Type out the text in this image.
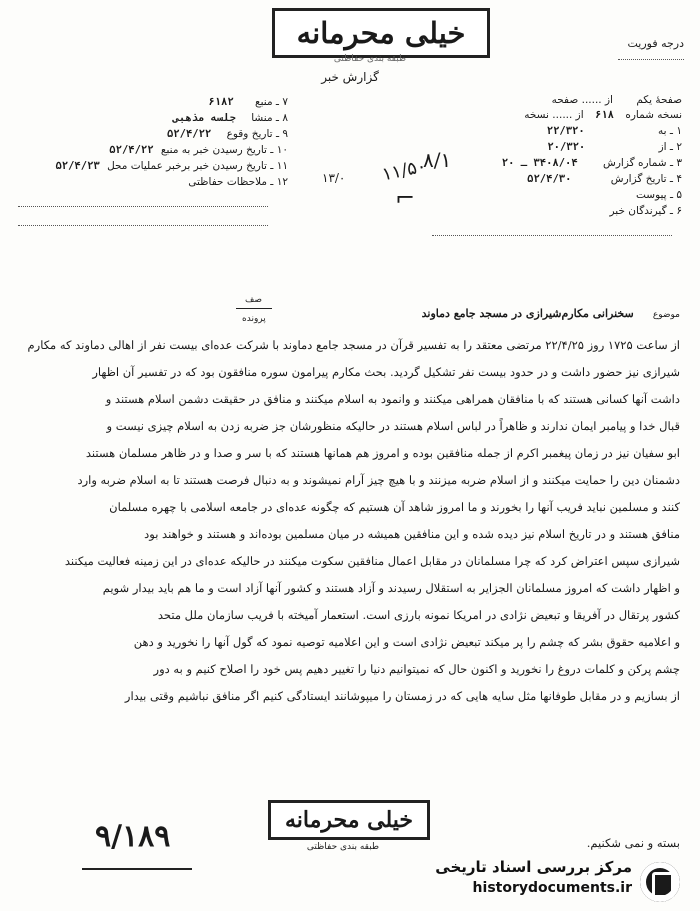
خیلی محرمانه
طبقه بندی حفاظتی
درجه فوریت
گزارش خبر
۷ ـ منبع ۶۱۸۲
۸ ـ منشا جلسه مذهبی
۹ ـ تاریخ وقوع ۵۲/۴/۲۲
۱۰ ـ تاریخ رسیدن خبر به منبع ۵۲/۴/۲۲
۱۱ ـ تاریخ رسیدن خبر برخبر عملیات محل ۵۲/۴/۲۳
۱۲ ـ ملاحظات حفاظتی

صفحهٔ یکم از ...... صفحه
نسخه شماره ۶۱۸ از ...... نسخه
۱ ـ به ۲۲/۳۲۰
۲ ـ از ۲۰/۳۲۰
۳ ـ شماره گزارش ۳۴۰۸/۰۴ ـ ۲۰
۴ ـ تاریخ گزارش ۵۲/۴/۳۰
۵ ـ پیوست
۶ ـ گیرندگان خبر
۸/۱
۱۱/۵۰
۱۳/۰
⌐
صف
پرونده	موضوع سخنرانی مکارم‌شیرازی در مسجد جامع دماوند
از ساعت ۱۷۲۵ روز ۲۲/۴/۲۵ مرتضی معتقد را به تفسیر قرآن در مسجد جامع دماوند با شرکت عده‌ای بیست نفر از اهالی دماوند که مکارم
شیرازی نیز حضور داشت و در حدود بیست نفر تشکیل گردید. بحث مکارم پیرامون سوره منافقون بود که در تفسیر آن اظهار
داشت آنها کسانی هستند که با منافقان همراهی میکنند و وانمود به اسلام میکنند و منافق در حقیقت دشمن اسلام هستند و
قبال خدا و پیامبر ایمان ندارند و ظاهراً در لباس اسلام هستند در حالیکه منظورشان جز ضربه زدن به اسلام چیزی نیست و
ابو سفیان نیز در زمان پیغمبر اکرم از جمله منافقین بوده و امروز هم همانها هستند که با سر و صدا و در ظاهر مسلمان هستند
دشمنان دین را حمایت میکنند و از اسلام ضربه میزنند و با هیچ چیز آرام نمیشوند و به دنبال فرصت هستند تا به اسلام ضربه وارد
کنند و مسلمین نباید فریب آنها را بخورند و ما امروز شاهد آن هستیم که چگونه عده‌ای در جامعه اسلامی با چهره مسلمان
منافق هستند و در تاریخ اسلام نیز دیده شده و این منافقین همیشه در میان مسلمین بوده‌اند و هستند و خواهند بود
شیرازی سپس اعتراض کرد که چرا مسلمانان در مقابل اعمال منافقین سکوت میکنند در حالیکه عده‌ای در این زمینه فعالیت میکنند
و اظهار داشت که امروز مسلمانان الجزایر به استقلال رسیدند و آزاد هستند و کشور آنها آزاد است و ما هم باید بیدار شویم
کشور پرتقال در آفریقا و تبعیض نژادی در امریکا نمونه بارزی است. استعمار آمیخته با فریب سازمان ملل متحد
و اعلامیه حقوق بشر که چشم را پر میکند تبعیض نژادی است و این اعلامیه توصیه نمود که گول آنها را نخورید و دهن
چشم پرکن و کلمات دروغ را نخورید و اکنون حال که نمیتوانیم دنیا را تغییر دهیم پس خود را اصلاح کنیم و به دور
از بسازیم و در مقابل طوفانها مثل سایه هایی که در زمستان را میپوشانند ایستادگی کنیم اگر منافق نباشیم وقتی بیدار
خیلی محرمانه
بسته و نمی شکنیم.
طبقه بندی حفاظتی
۹/۱۸۹
مرکز بررسی اسناد تاریخی
historydocuments.ir
